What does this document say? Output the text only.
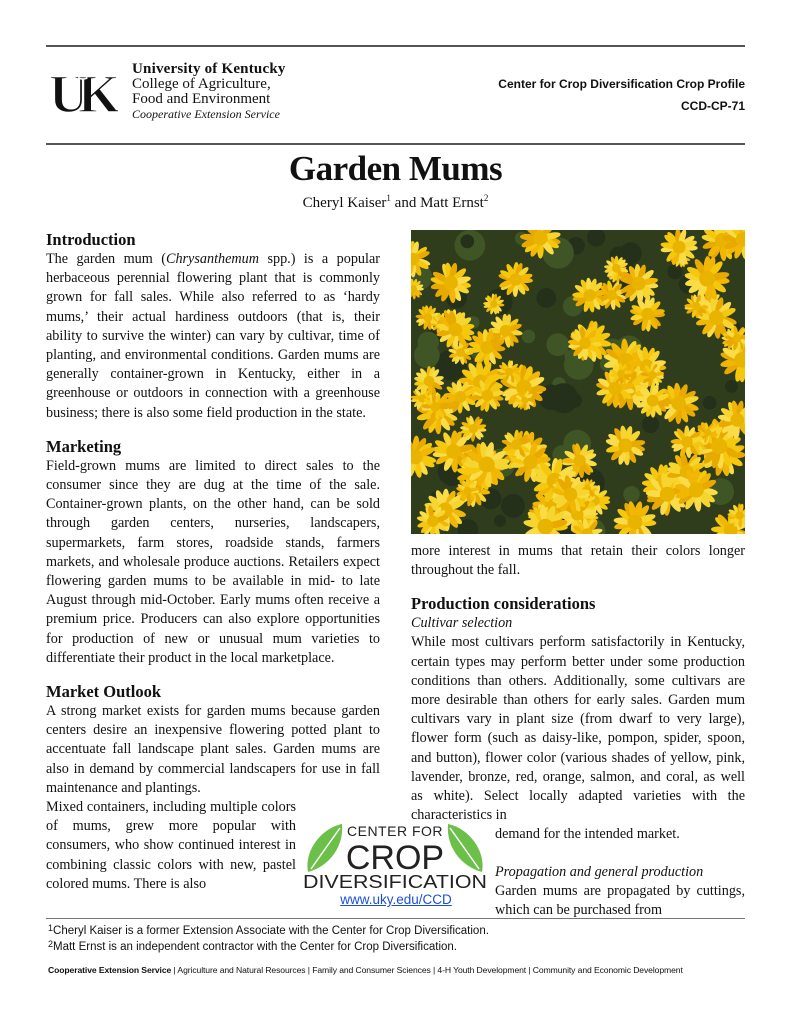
UK	University of Kentucky
College of Agriculture,
Food and Environment
Cooperative Extension Service
Center for Crop Diversification Crop Profile
CCD-CP-71
Garden Mums
Cheryl Kaiser$^1$ and Matt Ernst$^2$
Introduction

The garden mum (Chrysanthemum spp.) is a popular herbaceous perennial flowering plant that is commonly grown for fall sales. While also referred to as ‘hardy mums,’ their actual hardiness outdoors (that is, their ability to survive the winter) can vary by cultivar, time of planting, and environmental conditions. Garden mums are generally container-grown in Kentucky, either in a greenhouse or outdoors in connection with a greenhouse business; there is also some field production in the state.

Marketing

Field-grown mums are limited to direct sales to the consumer since they are dug at the time of the sale. Container-grown plants, on the other hand, can be sold through garden centers, nurseries, landscapers, supermarkets, farm stores, roadside stands, farmers markets, and wholesale produce auctions. Retailers expect flowering garden mums to be available in mid- to late August through mid-October. Early mums often receive a premium price. Producers can also explore opportunities for production of new or unusual mum varieties to differentiate their product in the local marketplace.

Market Outlook

A strong market exists for garden mums because garden centers desire an inexpensive flowering potted plant to accentuate fall landscape plant sales. Garden mums are also in demand by commercial landscapers for use in fall maintenance and plantings.

Mixed containers, including multiple colors of mums, grew more popular with consumers, who show continued interest in combining classic colors with new, pastel colored mums. There is also

more interest in mums that retain their colors longer throughout the fall.

Production considerations
Cultivar selection

While most cultivars perform satisfactorily in Kentucky, certain types may perform better under some production conditions than others. Additionally, some cultivars are more desirable than others for early sales. Garden mum cultivars vary in plant size (from dwarf to very large), flower form (such as daisy-like, pompon, spider, spoon, and button), flower color (various shades of yellow, pink, lavender, bronze, red, orange, salmon, and coral, as well as white). Select locally adapted varieties with the characteristics in

demand for the intended market.

Propagation and general production

Garden mums are propagated by cuttings, which can be purchased from

CENTER FOR
CROP
DIVERSIFICATION
www.uky.edu/CCD
$^1$Cheryl Kaiser is a former Extension Associate with the Center for Crop Diversification.
$^2$Matt Ernst is an independent contractor with the Center for Crop Diversification.
Cooperative Extension Service | Agriculture and Natural Resources | Family and Consumer Sciences | 4-H Youth Development | Community and Economic Development
